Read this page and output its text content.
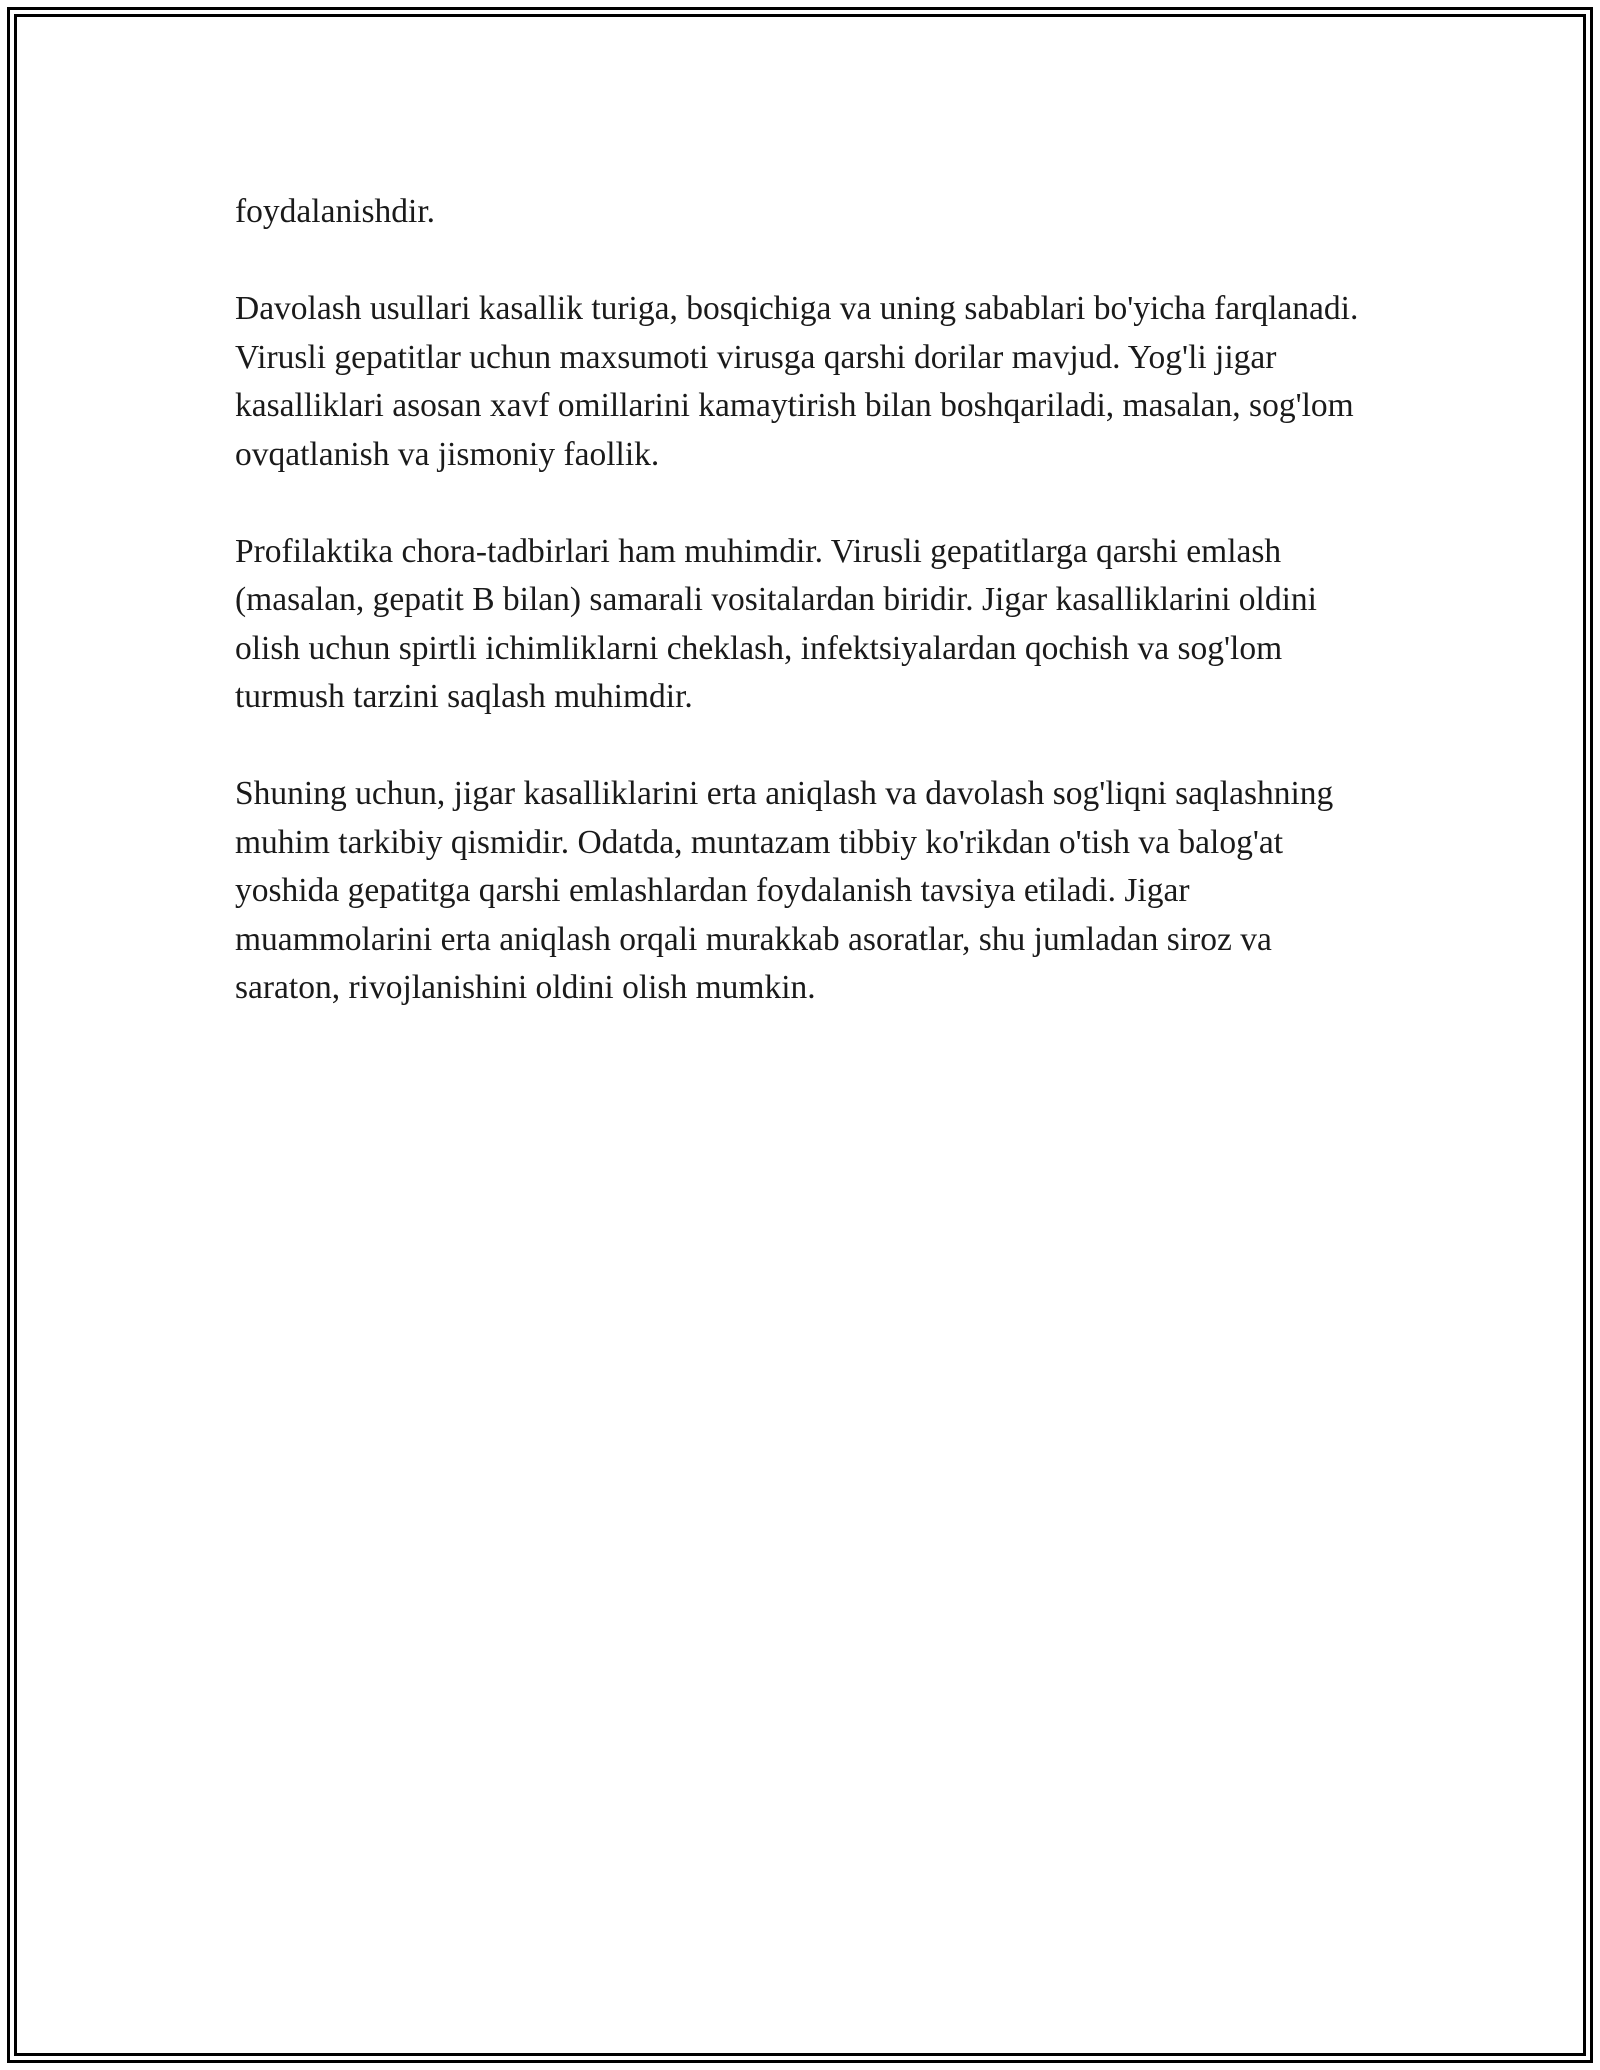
foydalanishdir.

Davolash usullari kasallik turiga, bosqichiga va uning sabablari bo'yicha farqlanadi. Virusli gepatitlar uchun maxsumoti virusga qarshi dorilar mavjud. Yog'li jigar kasalliklari asosan xavf omillarini kamaytirish bilan boshqariladi, masalan, sog'lom ovqatlanish va jismoniy faollik.

Profilaktika chora-tadbirlari ham muhimdir. Virusli gepatitlarga qarshi emlash (masalan, gepatit B bilan) samarali vositalardan biridir. Jigar kasalliklarini oldini olish uchun spirtli ichimliklarni cheklash, infektsiyalardan qochish va sog'lom turmush tarzini saqlash muhimdir.

Shuning uchun, jigar kasalliklarini erta aniqlash va davolash sog'liqni saqlashning muhim tarkibiy qismidir. Odatda, muntazam tibbiy ko'rikdan o'tish va balog'at yoshida gepatitga qarshi emlashlardan foydalanish tavsiya etiladi. Jigar muammolarini erta aniqlash orqali murakkab asoratlar, shu jumladan siroz va saraton, rivojlanishini oldini olish mumkin.
